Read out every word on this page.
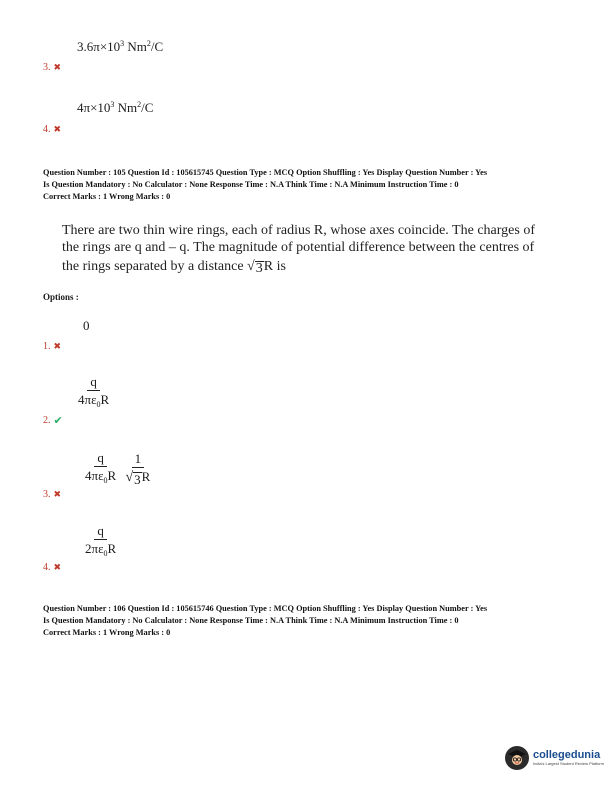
$3.6\pi\times 10^3$ Nm$^2$/C
3. ✖
$4\pi\times 10^3$ Nm$^2$/C
4. ✖
Question Number : 105 Question Id : 105615745 Question Type : MCQ Option Shuffling : Yes Display Question Number : Yes
Is Question Mandatory : No Calculator : None Response Time : N.A Think Time : N.A Minimum Instruction Time : 0
Correct Marks : 1 Wrong Marks : 0
There are two thin wire rings, each of radius R, whose axes coincide. The charges of
the rings are q and – q. The magnitude of potential difference between the centres of
the rings separated by a distance √ 3 R is
Options :
0
1. ✖
$\frac{q}{4\pi\varepsilon_0R}$
2. ✔
$\frac{q}{4\pi\varepsilon_0R}$
$\frac{1}{√ 3 R}$
3. ✖
$\frac{q}{2\pi\varepsilon_0R}$
4. ✖
Question Number : 106 Question Id : 105615746 Question Type : MCQ Option Shuffling : Yes Display Question Number : Yes
Is Question Mandatory : No Calculator : None Response Time : N.A Think Time : N.A Minimum Instruction Time : 0
Correct Marks : 1 Wrong Marks : 0
collegedunia
India's Largest Student Review Platform
